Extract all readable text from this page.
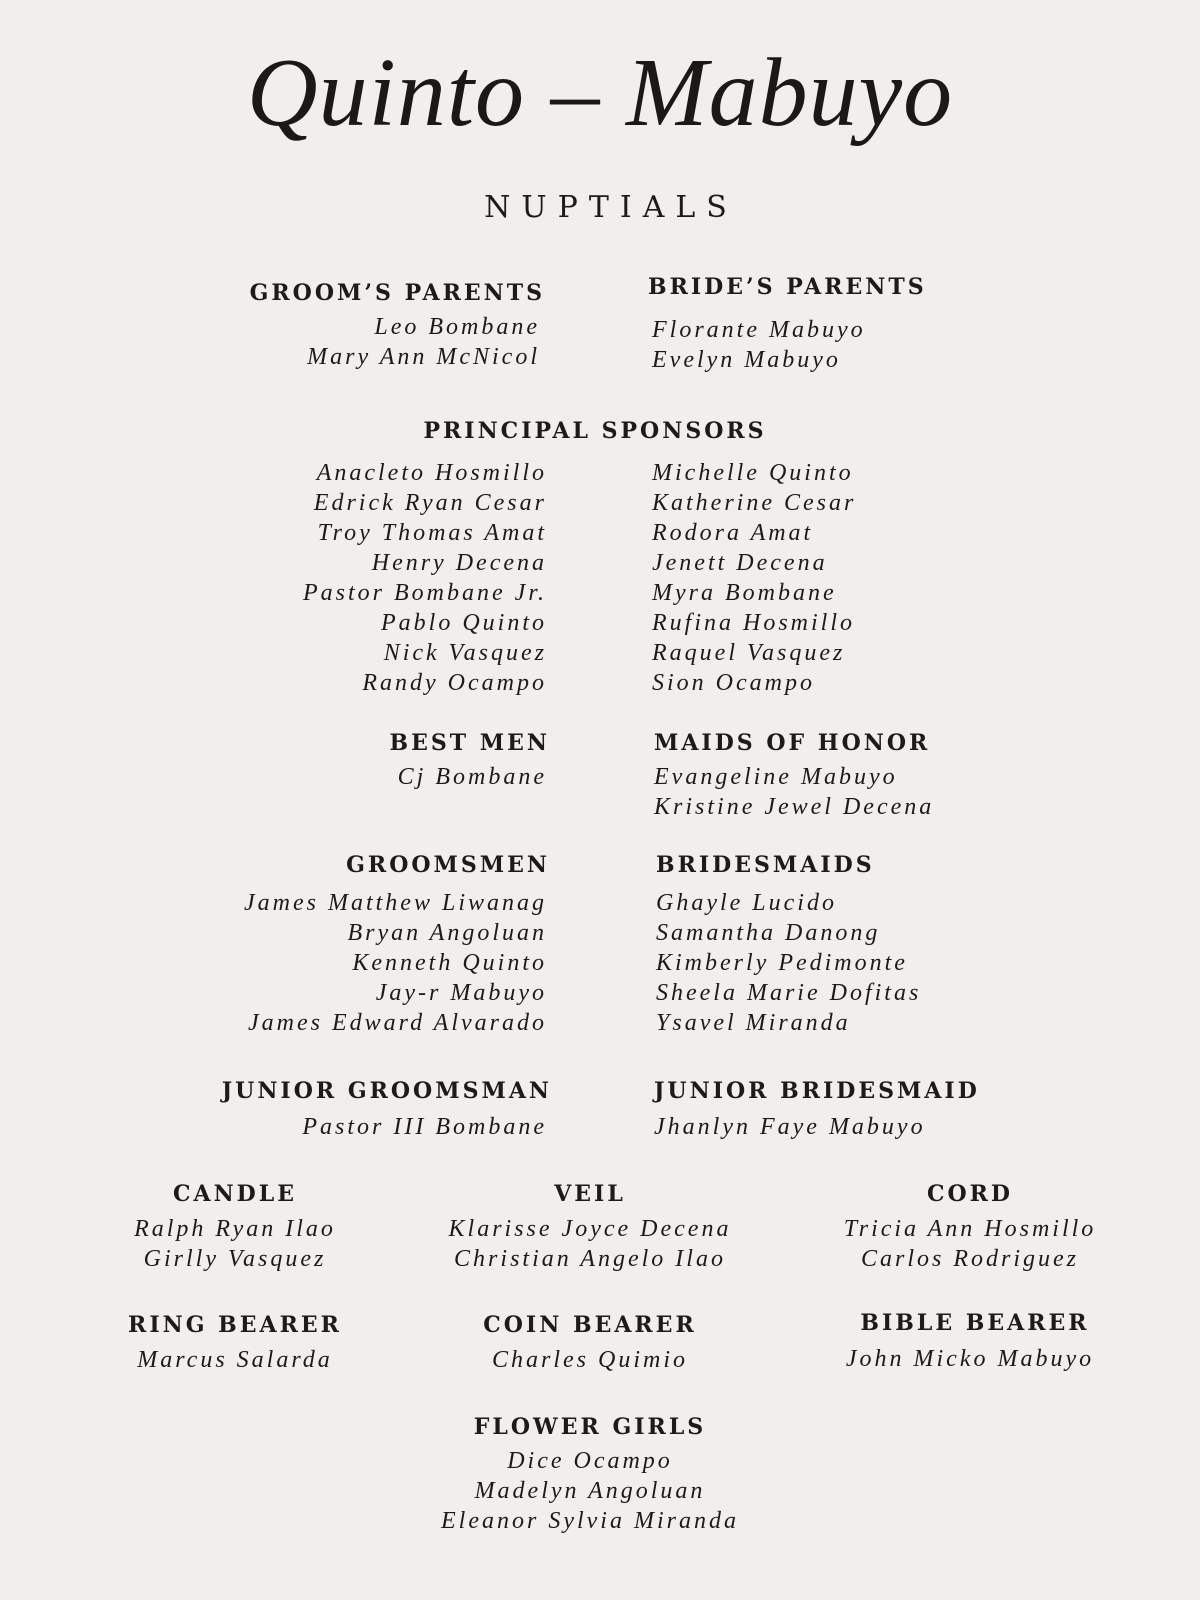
Quinto – Mabuyo
NUPTIALS
GROOM’S PARENTS
Leo Bombane
Mary Ann McNicol
BRIDE’S PARENTS
Florante Mabuyo
Evelyn Mabuyo
PRINCIPAL SPONSORS
Anacleto Hosmillo
Edrick Ryan Cesar
Troy Thomas Amat
Henry Decena
Pastor Bombane Jr.
Pablo Quinto
Nick Vasquez
Randy Ocampo
Michelle Quinto
Katherine Cesar
Rodora Amat
Jenett Decena
Myra Bombane
Rufina Hosmillo
Raquel Vasquez
Sion Ocampo
BEST MEN
Cj Bombane
MAIDS OF HONOR
Evangeline Mabuyo
Kristine Jewel Decena
GROOMSMEN
James Matthew Liwanag
Bryan Angoluan
Kenneth Quinto
Jay-r Mabuyo
James Edward Alvarado
BRIDESMAIDS
Ghayle Lucido
Samantha Danong
Kimberly Pedimonte
Sheela Marie Dofitas
Ysavel Miranda
JUNIOR GROOMSMAN
Pastor III Bombane
JUNIOR BRIDESMAID
Jhanlyn Faye Mabuyo
CANDLE
Ralph Ryan Ilao
Girlly Vasquez
VEIL
Klarisse Joyce Decena
Christian Angelo Ilao
CORD
Tricia Ann Hosmillo
Carlos Rodriguez
RING BEARER
Marcus Salarda
COIN BEARER
Charles Quimio
BIBLE BEARER
John Micko Mabuyo
FLOWER GIRLS
Dice Ocampo
Madelyn Angoluan
Eleanor Sylvia Miranda
